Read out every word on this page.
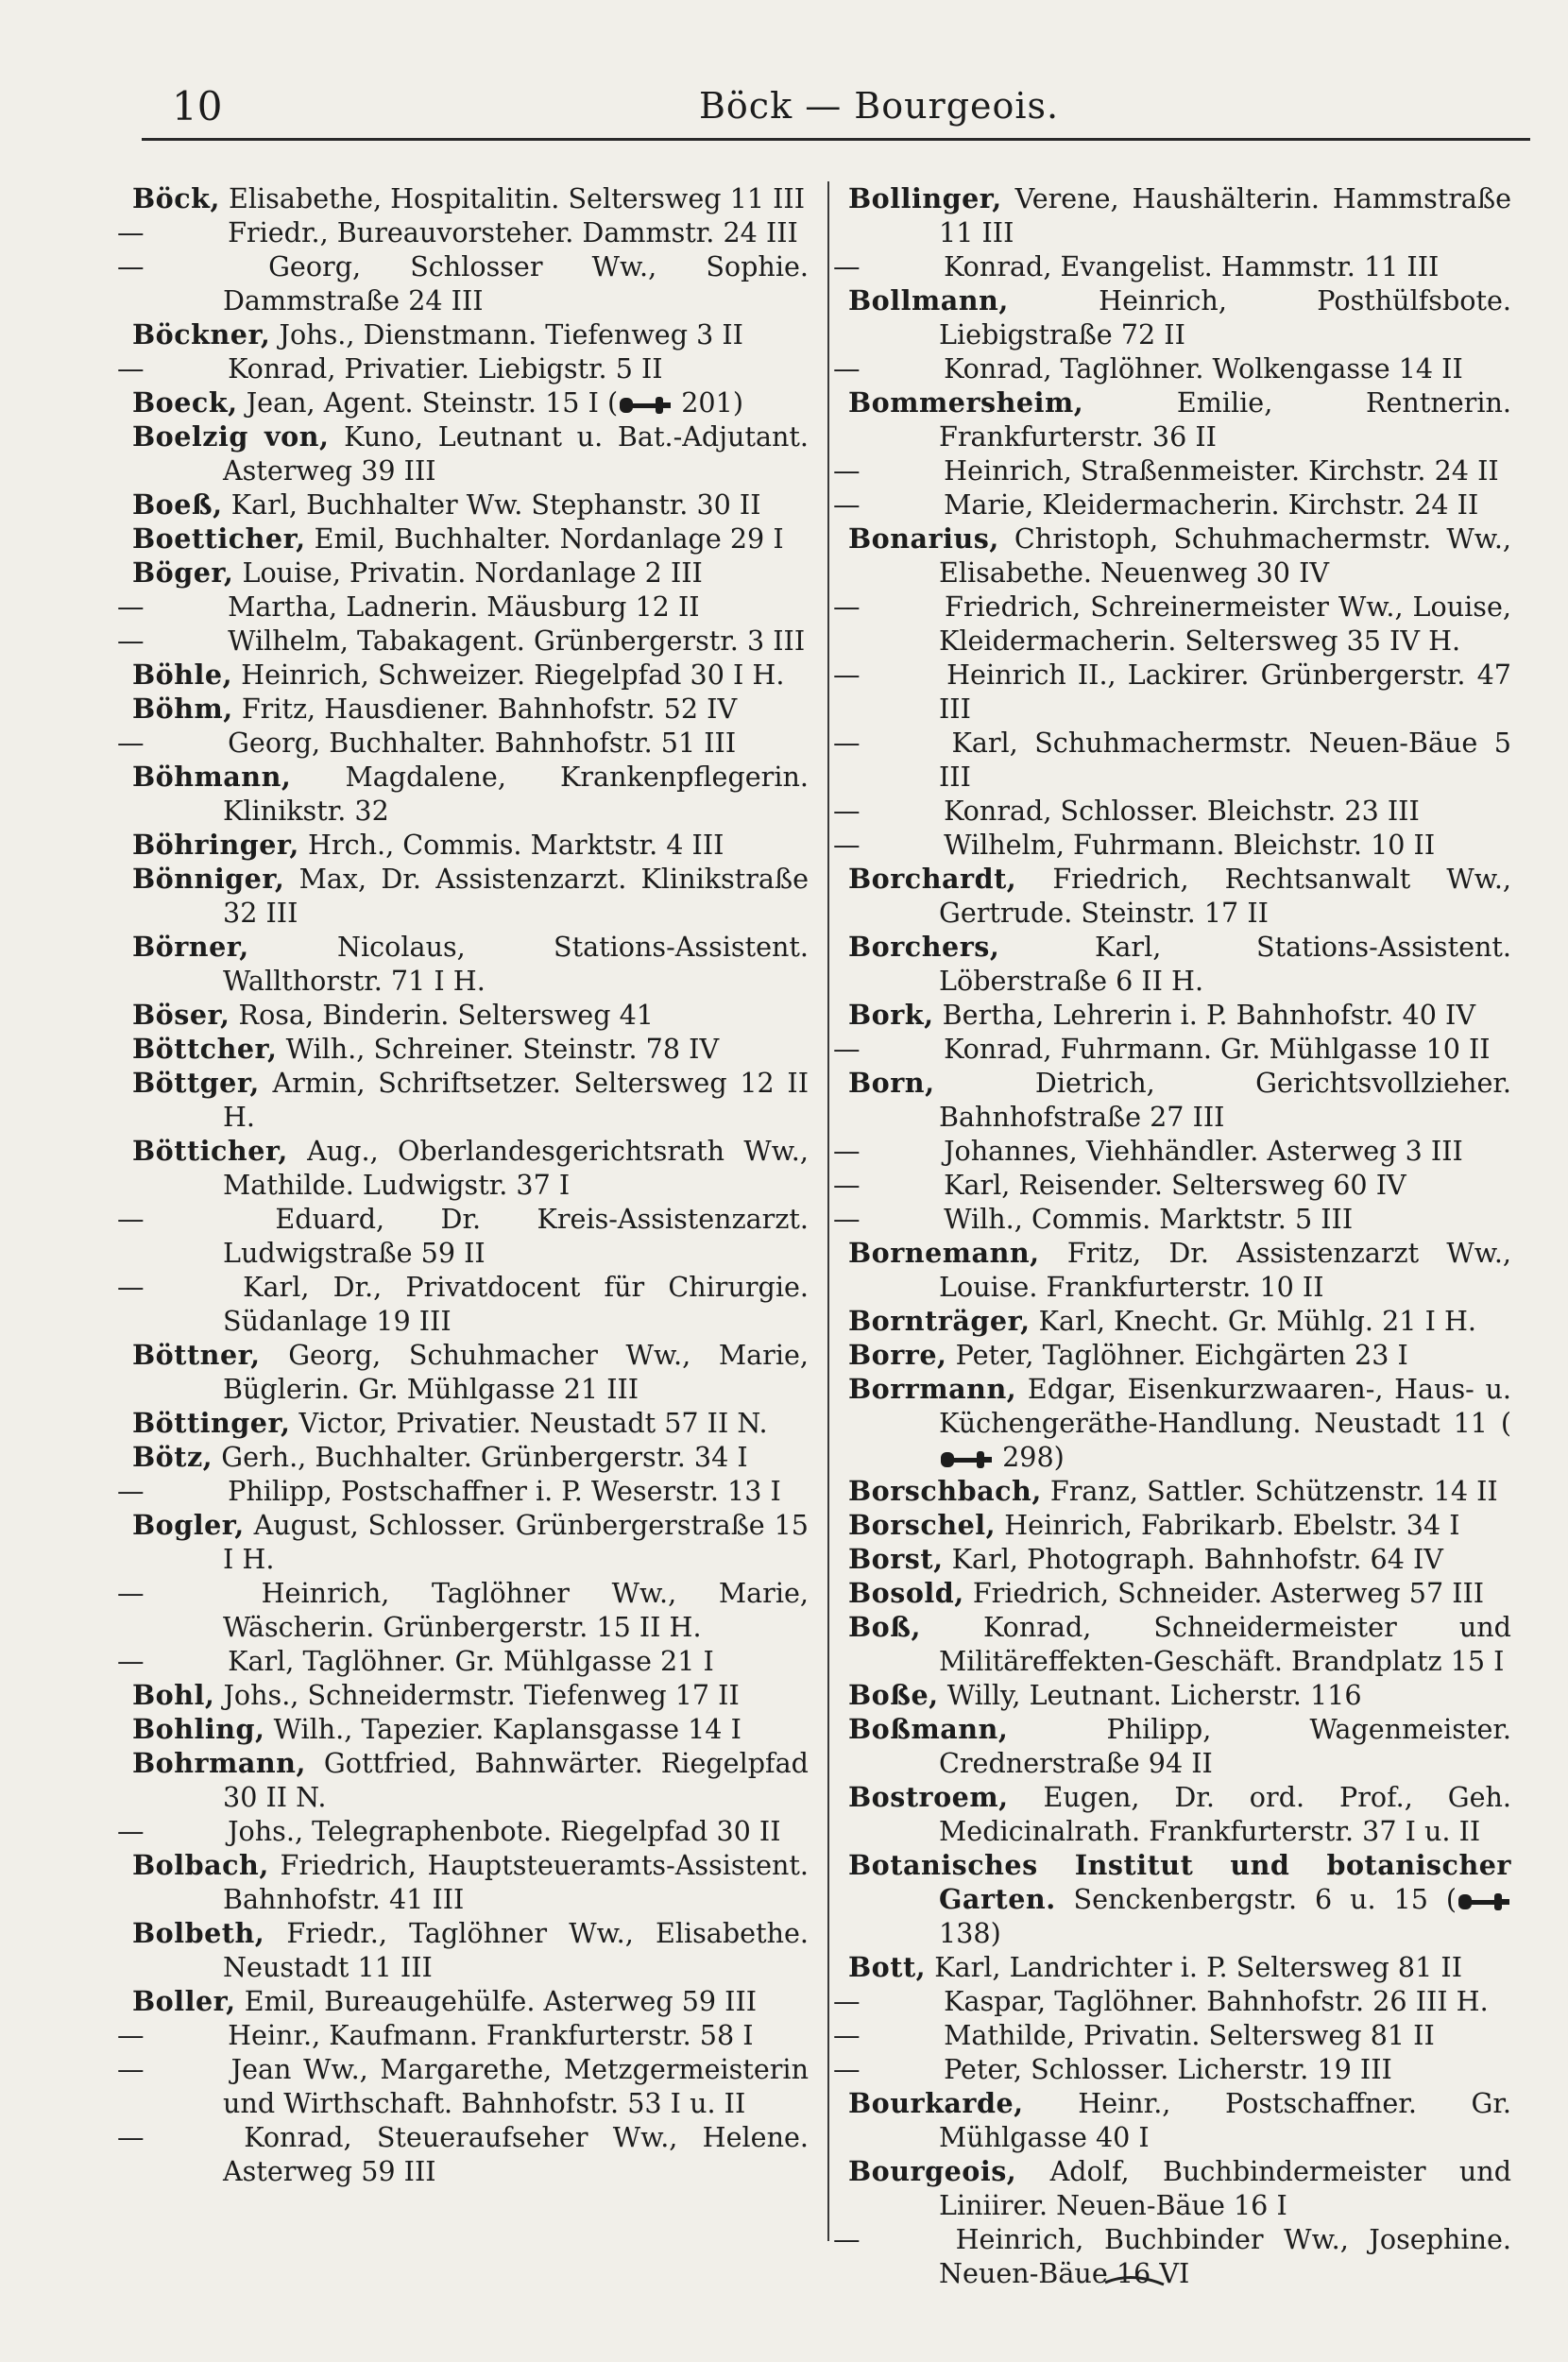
10	Böck — Bourgeois.
Böck, Elisabethe, Hospitalitin. Seltersweg 11 III
—	Friedr., Bureauvorsteher. Dammstr. 24 III
—	Georg, Schlosser Ww., Sophie. Dammstraße 24 III
Böckner, Johs., Dienstmann. Tiefenweg 3 II
—	Konrad, Privatier. Liebigstr. 5 II
Boeck, Jean, Agent. Steinstr. 15 I ( 201)
Boelzig von, Kuno, Leutnant u. Bat.-Adjutant. Asterweg 39 III
Boeß, Karl, Buchhalter Ww. Stephanstr. 30 II
Boetticher, Emil, Buchhalter. Nordanlage 29 I
Böger, Louise, Privatin. Nordanlage 2 III
—	Martha, Ladnerin. Mäusburg 12 II
—	Wilhelm, Tabakagent. Grünbergerstr. 3 III
Böhle, Heinrich, Schweizer. Riegelpfad 30 I H.
Böhm, Fritz, Hausdiener. Bahnhofstr. 52 IV
—	Georg, Buchhalter. Bahnhofstr. 51 III
Böhmann, Magdalene, Krankenpflegerin. Klinikstr. 32
Böhringer, Hrch., Commis. Marktstr. 4 III
Bönniger, Max, Dr. Assistenzarzt. Klinikstraße 32 III
Börner, Nicolaus, Stations-Assistent. Wallthorstr. 71 I H.
Böser, Rosa, Binderin. Seltersweg 41
Böttcher, Wilh., Schreiner. Steinstr. 78 IV
Böttger, Armin, Schriftsetzer. Seltersweg 12 II H.
Bötticher, Aug., Oberlandesgerichtsrath Ww., Mathilde. Ludwigstr. 37 I
—	Eduard, Dr. Kreis-Assistenzarzt. Ludwigstraße 59 II
—	Karl, Dr., Privatdocent für Chirurgie. Südanlage 19 III
Böttner, Georg, Schuhmacher Ww., Marie, Büglerin. Gr. Mühlgasse 21 III
Böttinger, Victor, Privatier. Neustadt 57 II N.
Bötz, Gerh., Buchhalter. Grünbergerstr. 34 I
—	Philipp, Postschaffner i. P. Weserstr. 13 I
Bogler, August, Schlosser. Grünbergerstraße 15 I H.
—	Heinrich, Taglöhner Ww., Marie, Wäscherin. Grünbergerstr. 15 II H.
—	Karl, Taglöhner. Gr. Mühlgasse 21 I
Bohl, Johs., Schneidermstr. Tiefenweg 17 II
Bohling, Wilh., Tapezier. Kaplansgasse 14 I
Bohrmann, Gottfried, Bahnwärter. Riegelpfad 30 II N.
—	Johs., Telegraphenbote. Riegelpfad 30 II
Bolbach, Friedrich, Hauptsteueramts-Assistent. Bahnhofstr. 41 III
Bolbeth, Friedr., Taglöhner Ww., Elisabethe. Neustadt 11 III
Boller, Emil, Bureaugehülfe. Asterweg 59 III
—	Heinr., Kaufmann. Frankfurterstr. 58 I
—	Jean Ww., Margarethe, Metzgermeisterin und Wirthschaft. Bahnhofstr. 53 I u. II
—	Konrad, Steueraufseher Ww., Helene. Asterweg 59 III
Bollinger, Verene, Haushälterin. Hammstraße 11 III
—	Konrad, Evangelist. Hammstr. 11 III
Bollmann, Heinrich, Posthülfsbote. Liebigstraße 72 II
—	Konrad, Taglöhner. Wolkengasse 14 II
Bommersheim, Emilie, Rentnerin. Frankfurterstr. 36 II
—	Heinrich, Straßenmeister. Kirchstr. 24 II
—	Marie, Kleidermacherin. Kirchstr. 24 II
Bonarius, Christoph, Schuhmachermstr. Ww., Elisabethe. Neuenweg 30 IV
—	Friedrich, Schreinermeister Ww., Louise, Kleidermacherin. Seltersweg 35 IV H.
—	Heinrich II., Lackirer. Grünbergerstr. 47 III
—	Karl, Schuhmachermstr. Neuen-Bäue 5 III
—	Konrad, Schlosser. Bleichstr. 23 III
—	Wilhelm, Fuhrmann. Bleichstr. 10 II
Borchardt, Friedrich, Rechtsanwalt Ww., Gertrude. Steinstr. 17 II
Borchers, Karl, Stations-Assistent. Löberstraße 6 II H.
Bork, Bertha, Lehrerin i. P. Bahnhofstr. 40 IV
—	Konrad, Fuhrmann. Gr. Mühlgasse 10 II
Born, Dietrich, Gerichtsvollzieher. Bahnhofstraße 27 III
—	Johannes, Viehhändler. Asterweg 3 III
—	Karl, Reisender. Seltersweg 60 IV
—	Wilh., Commis. Marktstr. 5 III
Bornemann, Fritz, Dr. Assistenzarzt Ww., Louise. Frankfurterstr. 10 II
Bornträger, Karl, Knecht. Gr. Mühlg. 21 I H.
Borre, Peter, Taglöhner. Eichgärten 23 I
Borrmann, Edgar, Eisenkurzwaaren-, Haus- u. Küchengeräthe-Handlung. Neustadt 11 ( 298)
Borschbach, Franz, Sattler. Schützenstr. 14 II
Borschel, Heinrich, Fabrikarb. Ebelstr. 34 I
Borst, Karl, Photograph. Bahnhofstr. 64 IV
Bosold, Friedrich, Schneider. Asterweg 57 III
Boß, Konrad, Schneidermeister und Militäreffekten-Geschäft. Brandplatz 15 I
Boße, Willy, Leutnant. Licherstr. 116
Boßmann, Philipp, Wagenmeister. Crednerstraße 94 II
Bostroem, Eugen, Dr. ord. Prof., Geh. Medicinalrath. Frankfurterstr. 37 I u. II
Botanisches Institut und botanischer Garten. Senckenbergstr. 6 u. 15 ( 138)
Bott, Karl, Landrichter i. P. Seltersweg 81 II
—	Kaspar, Taglöhner. Bahnhofstr. 26 III H.
—	Mathilde, Privatin. Seltersweg 81 II
—	Peter, Schlosser. Licherstr. 19 III
Bourkarde, Heinr., Postschaffner. Gr. Mühlgasse 40 I
Bourgeois, Adolf, Buchbindermeister und Liniirer. Neuen-Bäue 16 I
—	Heinrich, Buchbinder Ww., Josephine. Neuen-Bäue 16 VI
